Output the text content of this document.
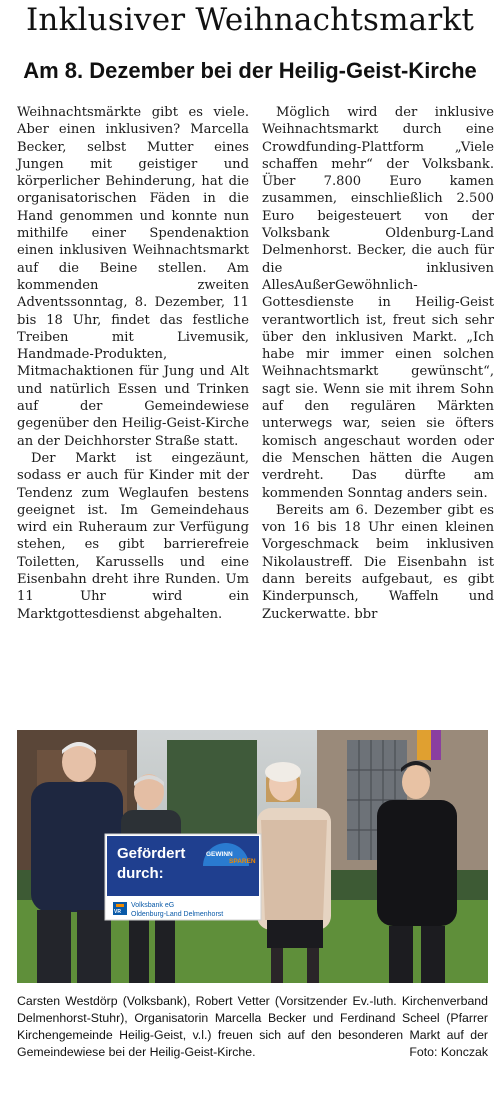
Inklusiver Weihnachtsmarkt
Am 8. Dezember bei der Heilig-Geist-Kirche

Weihnachtsmärkte gibt es viele. Aber einen inklusiven? Marcella Becker, selbst Mutter eines Jungen mit geistiger und körperlicher Behinderung, hat die organisatorischen Fäden in die Hand genommen und konnte nun mithilfe einer Spendenaktion einen inklusiven Weihnachtsmarkt auf die Beine stellen. Am kommenden zweiten Adventssonntag, 8. Dezember, 11 bis 18 Uhr, findet das festliche Treiben mit Livemusik, Handmade-Produkten, Mitmachaktionen für Jung und Alt und natürlich Essen und Trinken auf der Gemeindewiese gegenüber den Heilig-Geist-Kirche an der Deichhorster Straße statt.

Der Markt ist eingezäunt, sodass er auch für Kinder mit der Tendenz zum Weglaufen bestens geeignet ist. Im Gemeindehaus wird ein Ruheraum zur Verfügung stehen, es gibt barrierefreie Toiletten, Karussells und eine Eisenbahn dreht ihre Runden. Um 11 Uhr wird ein Marktgottesdienst abgehalten.

Möglich wird der inklusive Weihnachtsmarkt durch eine Crowdfunding-Plattform „Viele schaffen mehr“ der Volksbank. Über 7.800 Euro kamen zusammen, einschließlich 2.500 Euro beigesteuert von der Volksbank Oldenburg-Land Delmenhorst. Becker, die auch für die inklusiven AllesAußerGewöhnlich-Gottesdienste in Heilig-Geist verantwortlich ist, freut sich sehr über den inklusiven Markt. „Ich habe mir immer einen solchen Weihnachtsmarkt gewünscht“, sagt sie. Wenn sie mit ihrem Sohn auf den regulären Märkten unterwegs war, seien sie öfters komisch angeschaut worden oder die Menschen hätten die Augen verdreht. Das dürfte am kommenden Sonntag anders sein.

Bereits am 6. Dezember gibt es von 16 bis 18 Uhr einen kleinen Vorgeschmack beim inklusiven Nikolaustreff. Die Eisenbahn ist dann bereits aufgebaut, es gibt Kinderpunsch, Waffeln und Zuckerwatte. bbr

Gefördert
durch:
GEWINN
SPAREN
VR
Volksbank eG
Oldenburg-Land Delmenhorst
Carsten Westdörp (Volksbank), Robert Vetter (Vorsitzender Ev.-luth. Kirchenverband Delmenhorst-Stuhr), Organisatorin Marcella Becker und Ferdinand Scheel (Pfarrer Kirchengemeinde Heilig-Geist, v.l.) freuen sich auf den besonderen Markt auf der Gemeindewiese bei der Heilig-Geist-Kirche.	Foto: Konczak
